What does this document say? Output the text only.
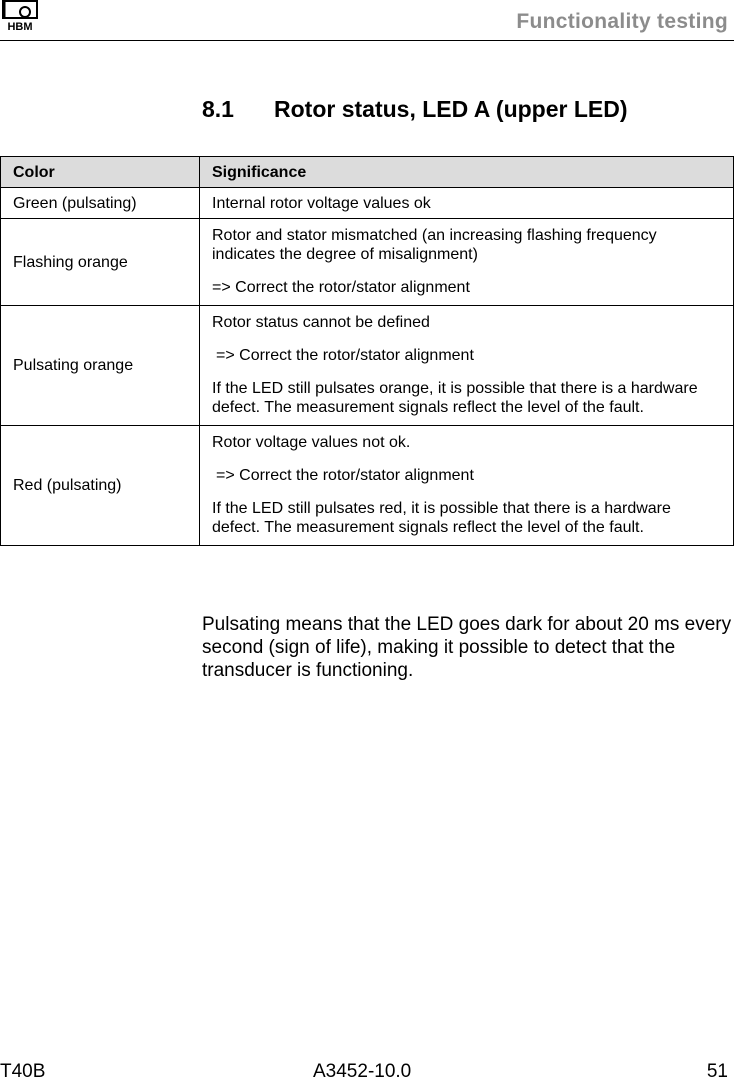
HBM	Functionality testing
8.1 Rotor status, LED A (upper LED)
Color	Significance
Green (pulsating)	Internal rotor voltage values ok
Flashing orange	Rotor and stator mismatched (an increasing flashing frequency indicates the degree of misalignment)

=> Correct the rotor/stator alignment

Pulsating orange	Rotor status cannot be defined

=> Correct the rotor/stator alignment

If the LED still pulsates orange, it is possible that there is a hardware defect. The measurement signals reflect the level of the fault.

Red (pulsating)	Rotor voltage values not ok.

=> Correct the rotor/stator alignment

If the LED still pulsates red, it is possible that there is a hardware defect. The measurement signals reflect the level of the fault.

Pulsating means that the LED goes dark for about 20 ms every second (sign of life), making it possible to detect that the transducer is functioning.
T40B	A3452-10.0	51
